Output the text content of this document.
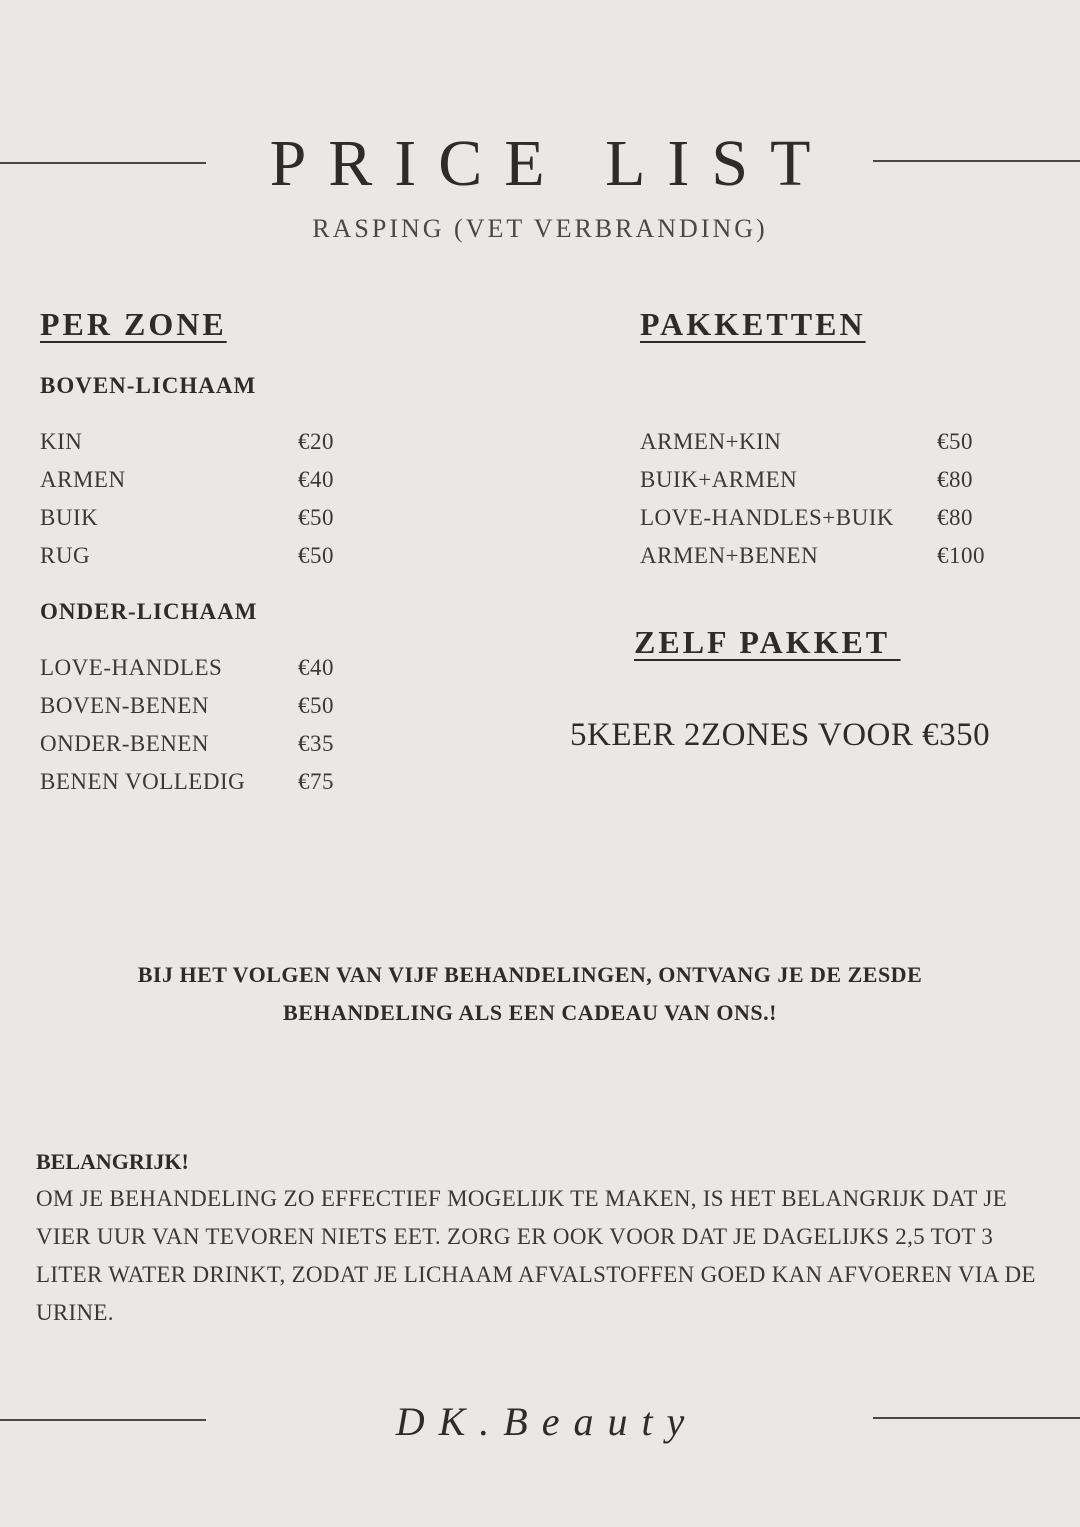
PRICE LIST
RASPING (VET VERBRANDING)
PER ZONE
BOVEN-LICHAAM
KIN	€20
ARMEN	€40
BUIK	€50
RUG	€50
ONDER-LICHAAM
LOVE-HANDLES	€40
BOVEN-BENEN	€50
ONDER-BENEN	€35
BENEN VOLLEDIG €75
PAKKETTEN
ARMEN+KIN	€50
BUIK+ARMEN	€80
LOVE-HANDLES+BUIK €80
ARMEN+BENEN	€100
ZELF PAKKET
5KEER 2ZONES VOOR €350
BIJ HET VOLGEN VAN VIJF BEHANDELINGEN, ONTVANG JE DE ZESDE
BEHANDELING ALS EEN CADEAU VAN ONS.!
BELANGRIJK!
OM JE BEHANDELING ZO EFFECTIEF MOGELIJK TE MAKEN, IS HET BELANGRIJK DAT JE VIER UUR VAN TEVOREN NIETS EET. ZORG ER OOK VOOR DAT JE DAGELIJKS 2,5 TOT 3 LITER WATER DRINKT, ZODAT JE LICHAAM AFVALSTOFFEN GOED KAN AFVOEREN VIA DE URINE.
DK.Beauty
